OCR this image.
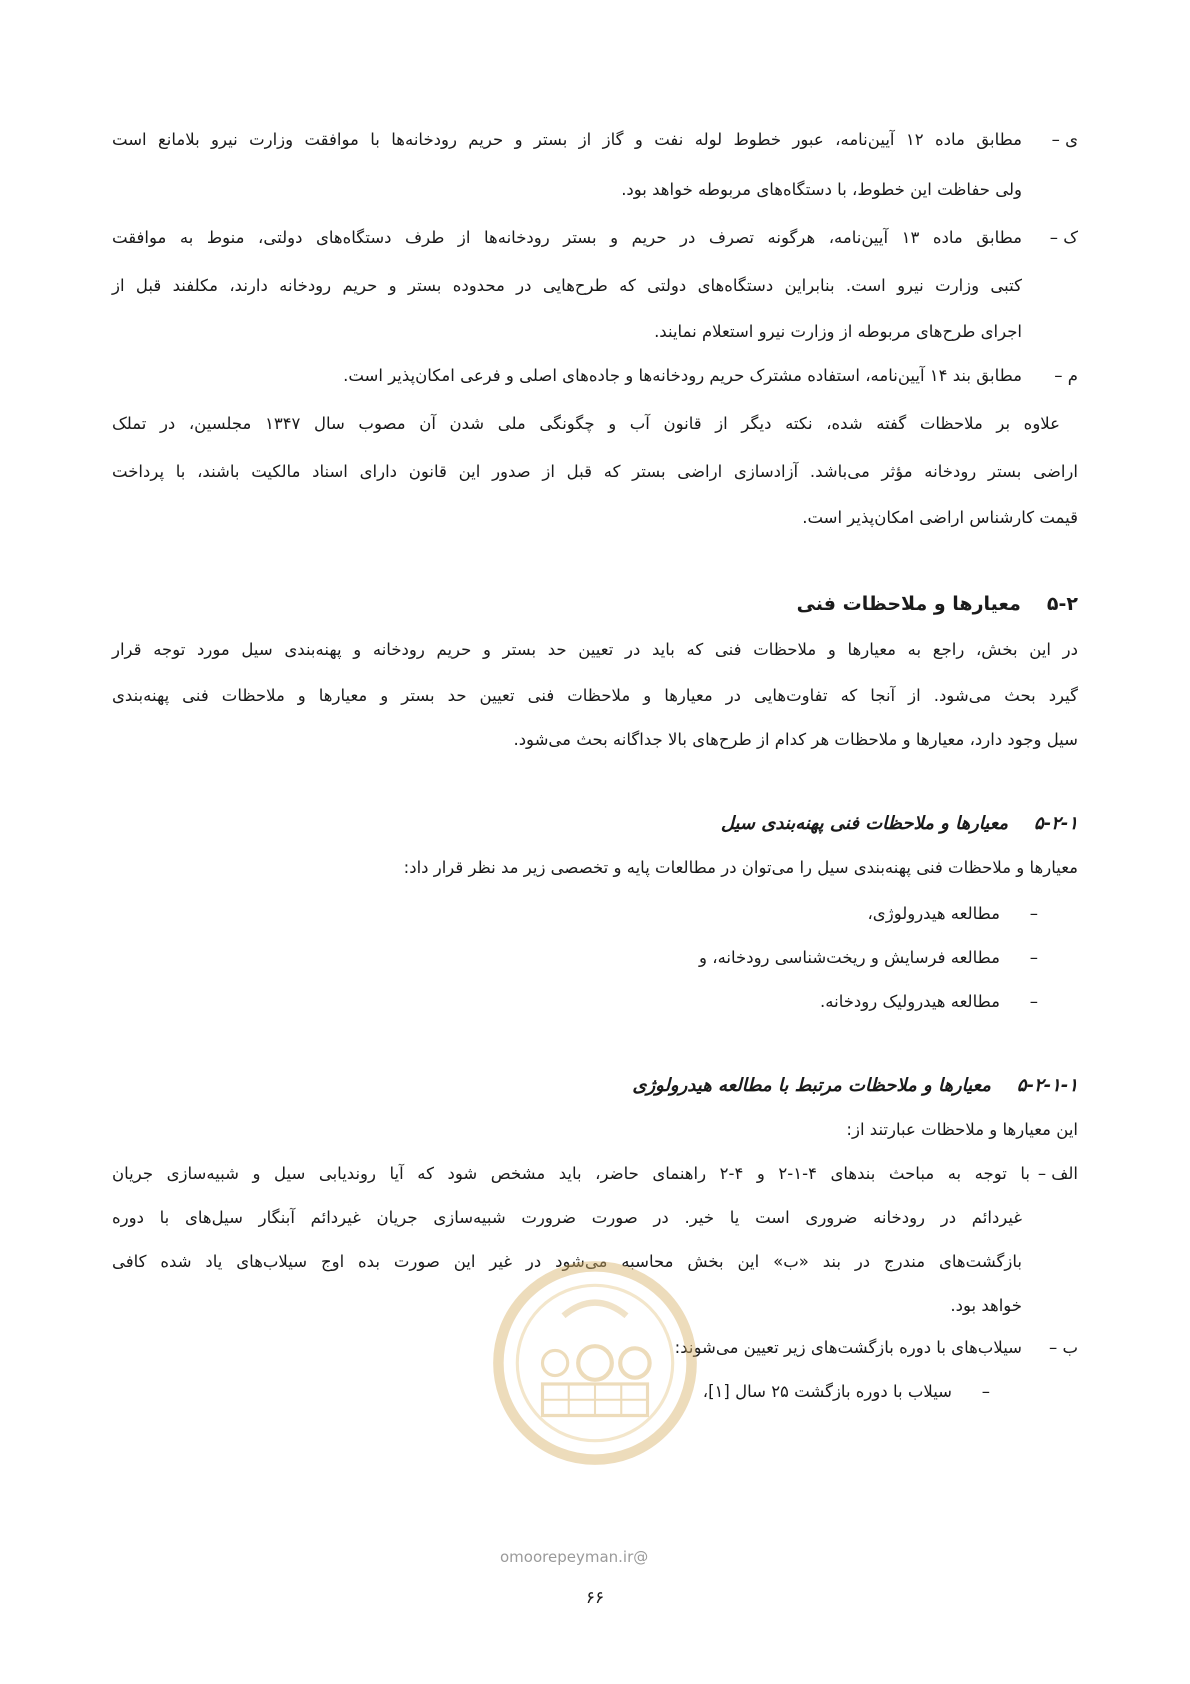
ی –
مطابق ماده ۱۲ آیین‌نامه، عبور خطوط لوله نفت و گاز از بستر و حریم رودخانه‌ها با موافقت وزارت نیرو بلامانع است
ولی حفاظت این خطوط، با دستگاه‌های مربوطه خواهد بود.
ک –
مطابق ماده ۱۳ آیین‌نامه، هرگونه تصرف در حریم و بستر رودخانه‌ها از طرف دستگاه‌های دولتی، منوط به موافقت
کتبی وزارت نیرو است. بنابراین دستگاه‌های دولتی که طرح‌هایی در محدوده بستر و حریم رودخانه دارند، مکلفند قبل از
اجرای طرح‌های مربوطه از وزارت نیرو استعلام نمایند.
م –
مطابق بند ۱۴ آیین‌نامه، استفاده مشترک حریم رودخانه‌ها و جاده‌های اصلی و فرعی امکان‌پذیر است.
علاوه بر ملاحظات گفته شده، نکته دیگر از قانون آب و چگونگی ملی شدن آن مصوب سال ۱۳۴۷ مجلسین، در تملک
اراضی بستر رودخانه مؤثر می‌باشد. آزادسازی اراضی بستر که قبل از صدور این قانون دارای اسناد مالکیت باشند، با پرداخت
قیمت کارشناس اراضی امکان‌پذیر است.
۵-۲معیارها و ملاحظات فنی
در این بخش، راجع به معیارها و ملاحظات فنی که باید در تعیین حد بستر و حریم رودخانه و پهنه‌بندی سیل مورد توجه قرار
گیرد بحث می‌شود. از آنجا که تفاوت‌هایی در معیارها و ملاحظات فنی تعیین حد بستر و معیارها و ملاحظات فنی پهنه‌بندی
سیل وجود دارد، معیارها و ملاحظات هر کدام از طرح‌های بالا جداگانه بحث می‌شود.
۵-۲-۱معیارها و ملاحظات فنی پهنه‌بندی سیل
معیارها و ملاحظات فنی پهنه‌بندی سیل را می‌توان در مطالعات پایه و تخصصی زیر مد نظر قرار داد:
–
مطالعه هیدرولوژی،
–
مطالعه فرسایش و ریخت‌شناسی رودخانه، و
–
مطالعه هیدرولیک رودخانه.
۵-۲-۱-۱معیارها و ملاحظات مرتبط با مطالعه هیدرولوژی
این معیارها و ملاحظات عبارتند از:
الف –
با توجه به مباحث بندهای ۴-۱-۲ و ۴-۲ راهنمای حاضر، باید مشخص شود که آیا روندیابی سیل و شبیه‌سازی جریان
غیردائم در رودخانه ضروری است یا خیر. در صورت ضرورت شبیه‌سازی جریان غیردائم آبنگار سیل‌های با دوره
بازگشت‌های مندرج در بند «ب» این بخش محاسبه می‌شود در غیر این صورت بده اوج سیلاب‌های یاد شده کافی
خواهد بود.
ب –
سیلاب‌های با دوره بازگشت‌های زیر تعیین می‌شوند:
–
سیلاب با دوره بازگشت ۲۵ سال [۱]،
@omoorepeyman.ir
۶۶
